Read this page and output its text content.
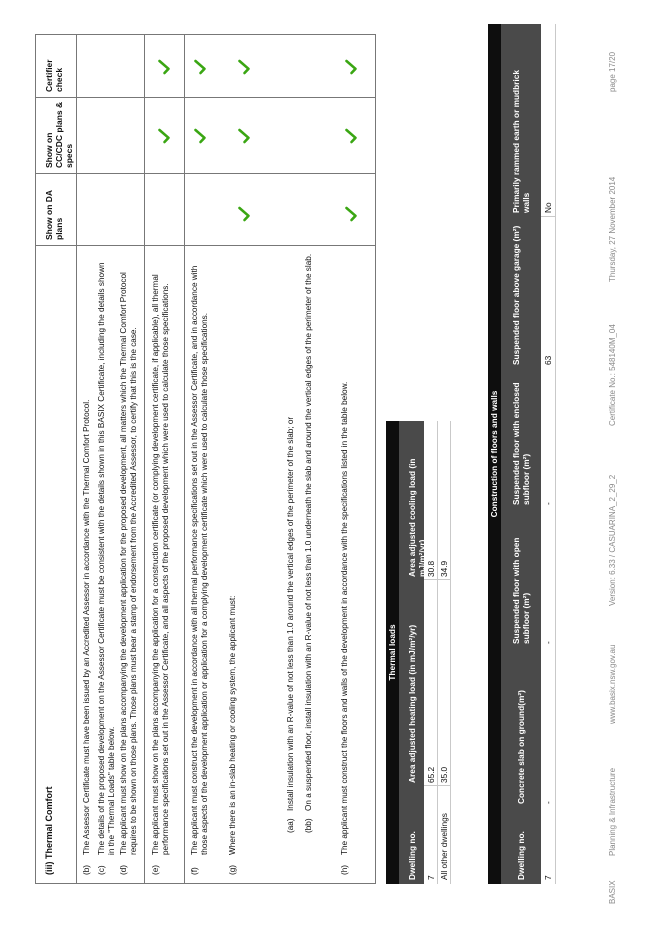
(iii) Thermal Comfort
Show on DA plans
Show on CC/CDC plans & specs
Certifier check
(b)
The Assessor Certificate must have been issued by an Accredited Assessor in accordance with the Thermal Comfort Protocol.
(c)
The details of the proposed development on the Assessor Certificate must be consistent with the details shown in this BASIX Certificate, including the details shown in the "Thermal Loads" table below.
(d)
The applicant must show on the plans accompanying the development application for the proposed development, all matters which the Thermal Comfort Protocol requires to be shown on those plans. Those plans must bear a stamp of endorsement from the Accredited Assessor, to certify that this is the case.
(e)
The applicant must show on the plans accompanying the application for a construction certificate (or complying development certificate, if applicable), all thermal performance specifications set out in the Assessor Certificate, and all aspects of the proposed development which were used to calculate those specifications.
(f)
The applicant must construct the development in accordance with all thermal performance specifications set out in the Assessor Certificate, and in accordance with those aspects of the development application or application for a complying development certificate which were used to calculate those specifications.
(g)
Where there is an in-slab heating or cooling system, the applicant must:	(aa)
Install insulation with an R-value of not less than 1.0 around the vertical edges of the perimeter of the slab; or
(bb)
On a suspended floor, install insulation with an R-value of not less than 1.0 underneath the slab and around the vertical edges of the perimeter of the slab.
(h)
The applicant must construct the floors and walls of the development in accordance with the specifications listed in the table below.	Thermal loads
Dwelling no.
Area adjusted heating load (in mJ/m²/yr)
Area adjusted cooling load (in mJ/m²/yr)
7
65.2
30.8
All other dwellings
35.0
34.9
Construction of floors and walls
Dwelling no.
Concrete slab on ground(m²)
Suspended floor with open subfloor (m²)
Suspended floor with enclosed subfloor (m²)
Suspended floor above garage (m²)
Primarily rammed earth or mudbrick walls
7
-
-
-
63
No
BASIX
Planning & Infrastructure
www.basix.nsw.gov.au
Version: 6.33 / CASUARINA_2_29_2
Certificate No.: 548140M_04
Thursday, 27 November 2014
page 17/20
